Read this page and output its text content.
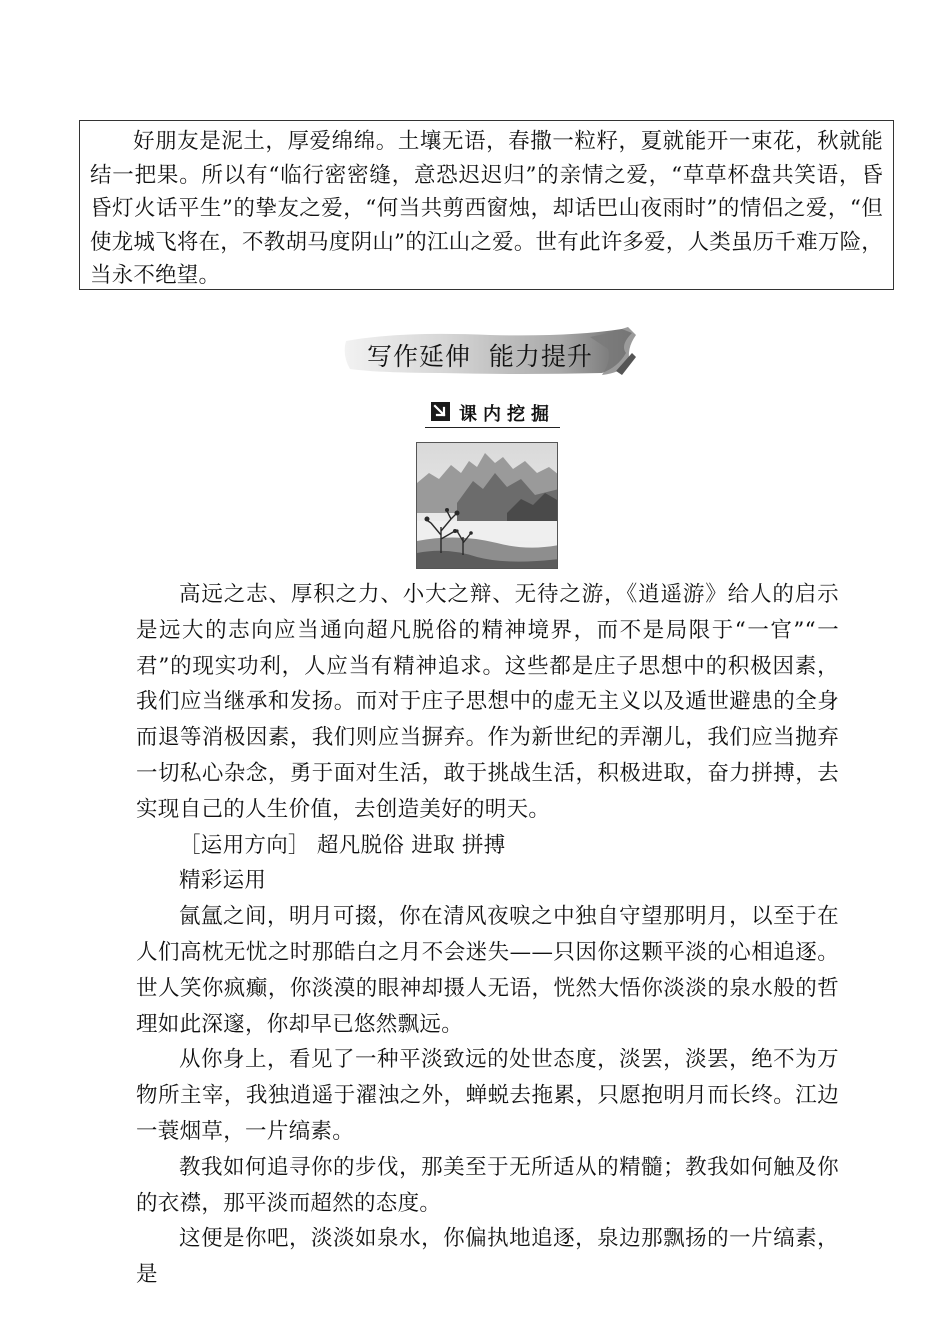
好朋友是泥土，厚爱绵绵。土壤无语，春撒一粒籽，夏就能开一束花，秋就能结一把果。所以有“临行密密缝，意恐迟迟归”的亲情之爱，“草草杯盘共笑语，昏昏灯火话平生”的挚友之爱，“何当共剪西窗烛，却话巴山夜雨时”的情侣之爱，“但使龙城飞将在，不教胡马度阴山”的江山之爱。世有此许多爱，人类虽历千难万险，当永不绝望。

写作延伸  能力提升
课内挖掘

高远之志、厚积之力、小大之辩、无待之游，《逍遥游》给人的启示是远大的志向应当通向超凡脱俗的精神境界，而不是局限于“一官”“一君”的现实功利，人应当有精神追求。这些都是庄子思想中的积极因素，我们应当继承和发扬。而对于庄子思想中的虚无主义以及遁世避患的全身而退等消极因素，我们则应当摒弃。作为新世纪的弄潮儿，我们应当抛弃一切私心杂念，勇于面对生活，敢于挑战生活，积极进取，奋力拼搏，去实现自己的人生价值，去创造美好的明天。

［运用方向］ 超凡脱俗 进取 拼搏

精彩运用

氤氲之间，明月可掇，你在清风夜唳之中独自守望那明月，以至于在人们高枕无忧之时那皓白之月不会迷失——只因你这颗平淡的心相追逐。世人笑你疯癫，你淡漠的眼神却摄人无语，恍然大悟你淡淡的泉水般的哲理如此深邃，你却早已悠然飘远。

从你身上，看见了一种平淡致远的处世态度，淡罢，淡罢，绝不为万物所主宰，我独逍遥于濯浊之外，蝉蜕去拖累，只愿抱明月而长终。江边一蓑烟草，一片缟素。

教我如何追寻你的步伐，那美至于无所适从的精髓；教我如何触及你的衣襟，那平淡而超然的态度。

这便是你吧，淡淡如泉水，你偏执地追逐，泉边那飘扬的一片缟素，是
